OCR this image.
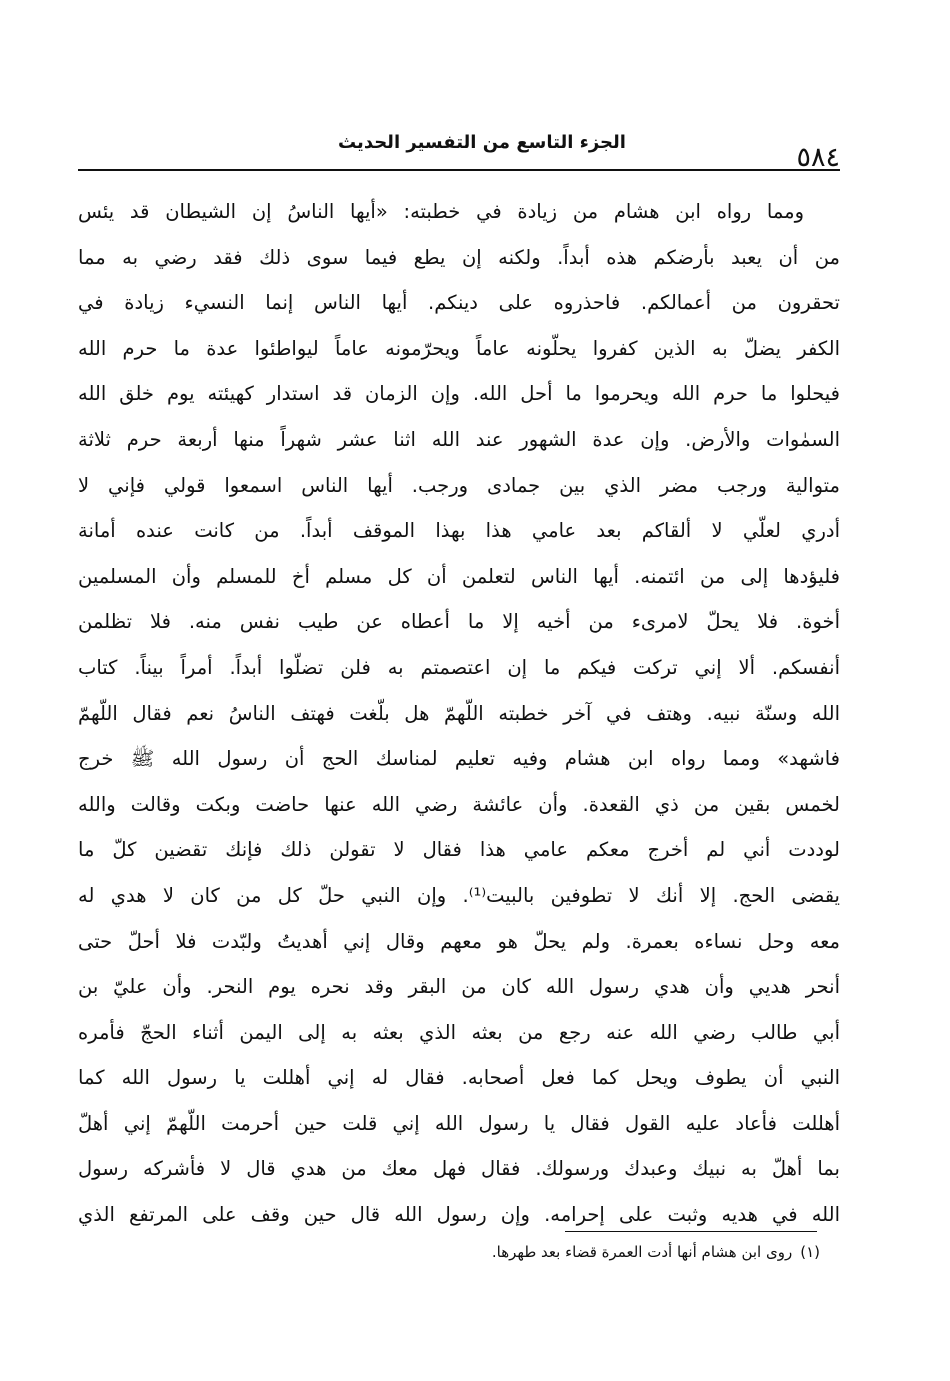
٥٨٤
الجزء التاسع من التفسير الحديث
ومما رواه ابن هشام من زيادة في خطبته: «أيها الناسُ إن الشيطان قد يئس
من أن يعبد بأرضكم هذه أبداً. ولكنه إن يطع فيما سوى ذلك فقد رضي به مما
تحقرون من أعمالكم. فاحذروه على دينكم. أيها الناس إنما النسيء زيادة في
الكفر يضلّ به الذين كفروا يحلّونه عاماً ويحرّمونه عاماً ليواطئوا عدة ما حرم الله
فيحلوا ما حرم الله ويحرموا ما أحل الله. وإن الزمان قد استدار كهيئته يوم خلق الله
السمٰوات والأرض. وإن عدة الشهور عند الله اثنا عشر شهراً منها أربعة حرم ثلاثة
متوالية ورجب مضر الذي بين جمادى ورجب. أيها الناس اسمعوا قولي فإني لا
أدري لعلّي لا ألقاكم بعد عامي هذا بهذا الموقف أبداً. من كانت عنده أمانة
فليؤدها إلى من ائتمنه. أيها الناس لتعلمن أن كل مسلم أخ للمسلم وأن المسلمين
أخوة. فلا يحلّ لامرىء من أخيه إلا ما أعطاه عن طيب نفس منه. فلا تظلمن
أنفسكم. ألا إني تركت فيكم ما إن اعتصمتم به فلن تضلّوا أبداً. أمراً بيناً. كتاب
الله وسنّة نبيه. وهتف في آخر خطبته اللّهمّ هل بلّغت فهتف الناسُ نعم فقال اللّهمّ
فاشهد» ومما رواه ابن هشام وفيه تعليم لمناسك الحج أن رسول الله ﷺ خرج
لخمس بقين من ذي القعدة. وأن عائشة رضي الله عنها حاضت وبكت وقالت والله
لوددت أني لم أخرج معكم عامي هذا فقال لا تقولن ذلك فإنك تقضين كلّ ما
يقضى الحج. إلا أنك لا تطوفين بالبيت⁽¹⁾. وإن النبي حلّ كل من كان لا هدي له
معه وحل نساءه بعمرة. ولم يحلّ هو معهم وقال إني أهديتُ ولبّدت فلا أحلّ حتى
أنحر هديي وأن هدي رسول الله كان من البقر وقد نحره يوم النحر. وأن عليّ بن
أبي طالب رضي الله عنه رجع من بعثه الذي بعثه به إلى اليمن أثناء الحجّ فأمره
النبي أن يطوف ويحل كما فعل أصحابه. فقال له إني أهللت يا رسول الله كما
أهللت فأعاد عليه القول فقال يا رسول الله إني قلت حين أحرمت اللّهمّ إني أهلّ
بما أهلّ به نبيك وعبدك ورسولك. فقال فهل معك من هدي قال لا فأشركه رسول
الله في هديه وثبت على إحرامه. وإن رسول الله قال حين وقف على المرتفع الذي
(١)روى ابن هشام أنها أدت العمرة قضاء بعد طهرها.
